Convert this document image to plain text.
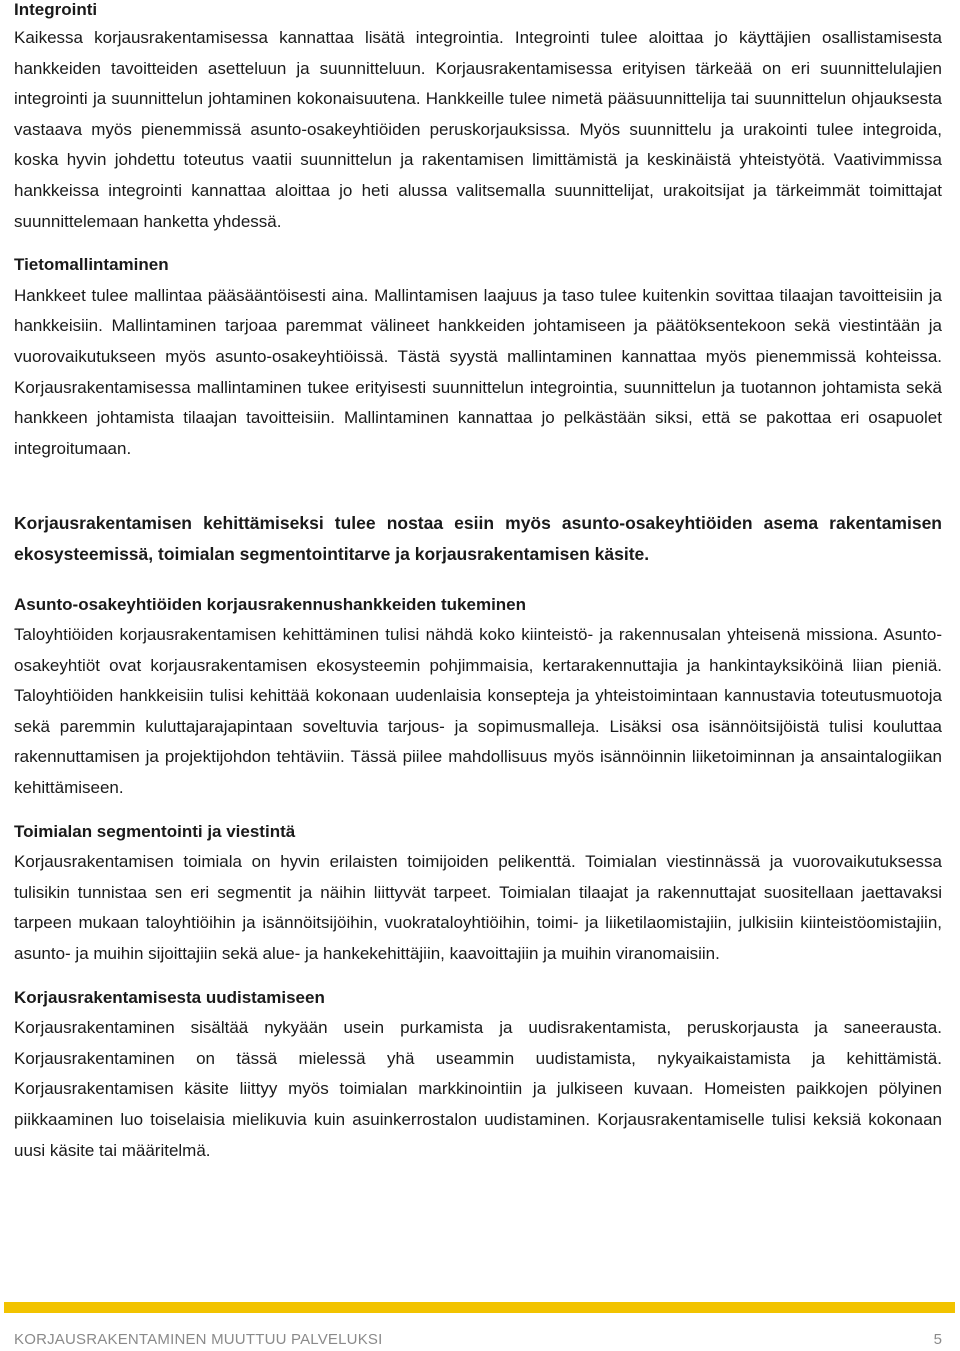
Integrointi

Kaikessa korjausrakentamisessa kannattaa lisätä integrointia. Integrointi tulee aloittaa jo käyttäjien osallistamisesta hankkeiden tavoitteiden asetteluun ja suunnitteluun. Korjausrakentamisessa erityisen tärkeää on eri suunnittelulajien integrointi ja suunnittelun johtaminen kokonaisuutena. Hankkeille tulee nimetä pääsuunnittelija tai suunnittelun ohjauksesta vastaava myös pienemmissä asunto-osakeyhtiöiden peruskorjauksissa. Myös suunnittelu ja urakointi tulee integroida, koska hyvin johdettu toteutus vaatii suunnittelun ja rakentamisen limittämistä ja keskinäistä yhteistyötä. Vaativimmissa hankkeissa integrointi kannattaa aloittaa jo heti alussa valitsemalla suunnittelijat, urakoitsijat ja tärkeimmät toimittajat suunnittelemaan hanketta yhdessä.

Tietomallintaminen

Hankkeet tulee mallintaa pääsääntöisesti aina. Mallintamisen laajuus ja taso tulee kuitenkin sovittaa tilaajan tavoitteisiin ja hankkeisiin. Mallintaminen tarjoaa paremmat välineet hankkeiden johtamiseen ja päätöksentekoon sekä viestintään ja vuorovaikutukseen myös asunto-osakeyhtiöissä. Tästä syystä mallintaminen kannattaa myös pienemmissä kohteissa. Korjausrakentamisessa mallintaminen tukee erityisesti suunnittelun integrointia, suunnittelun ja tuotannon johtamista sekä hankkeen johtamista tilaajan tavoitteisiin. Mallintaminen kannattaa jo pelkästään siksi, että se pakottaa eri osapuolet integroitumaan.

Korjausrakentamisen kehittämiseksi tulee nostaa esiin myös asunto-osakeyhtiöiden asema rakentamisen ekosysteemissä, toimialan segmentointitarve ja korjausrakentamisen käsite.

Asunto-osakeyhtiöiden korjausrakennushankkeiden tukeminen

Taloyhtiöiden korjausrakentamisen kehittäminen tulisi nähdä koko kiinteistö- ja rakennusalan yhteisenä missiona. Asunto-osakeyhtiöt ovat korjausrakentamisen ekosysteemin pohjimmaisia, kertarakennuttajia ja hankintayksiköinä liian pieniä. Taloyhtiöiden hankkeisiin tulisi kehittää kokonaan uudenlaisia konsepteja ja yhteistoimintaan kannustavia toteutusmuotoja sekä paremmin kuluttajarajapintaan soveltuvia tarjous- ja sopimusmalleja. Lisäksi osa isännöitsijöistä tulisi kouluttaa rakennuttamisen ja projektijohdon tehtäviin. Tässä piilee mahdollisuus myös isännöinnin liiketoiminnan ja ansaintalogiikan kehittämiseen.

Toimialan segmentointi ja viestintä

Korjausrakentamisen toimiala on hyvin erilaisten toimijoiden pelikenttä. Toimialan viestinnässä ja vuorovaikutuksessa tulisikin tunnistaa sen eri segmentit ja näihin liittyvät tarpeet. Toimialan tilaajat ja rakennuttajat suositellaan jaettavaksi tarpeen mukaan taloyhtiöihin ja isännöitsijöihin, vuokrataloyhtiöihin, toimi- ja liiketilaomistajiin, julkisiin kiinteistöomistajiin, asunto- ja muihin sijoittajiin sekä alue- ja hankekehittäjiin, kaavoittajiin ja muihin viranomaisiin.

Korjausrakentamisesta uudistamiseen

Korjausrakentaminen sisältää nykyään usein purkamista ja uudisrakentamista, peruskorjausta ja saneerausta. Korjausrakentaminen on tässä mielessä yhä useammin uudistamista, nykyaikaistamista ja kehittämistä. Korjausrakentamisen käsite liittyy myös toimialan markkinointiin ja julkiseen kuvaan. Homeisten paikkojen pölyinen piikkaaminen luo toiselaisia mielikuvia kuin asuinkerrostalon uudistaminen. Korjausrakentamiselle tulisi keksiä kokonaan uusi käsite tai määritelmä.

KORJAUSRAKENTAMINEN MUUTTUU PALVELUKSI	5
